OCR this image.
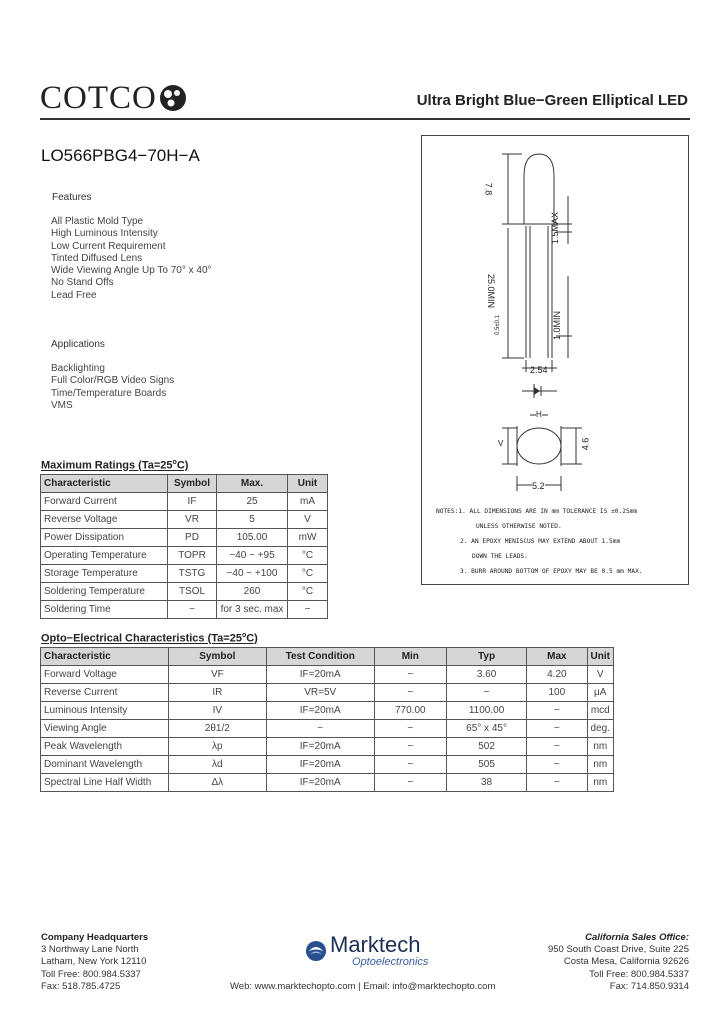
COTCO	Ultra Bright Blue−Green Elliptical LED
LO566PBG4−70H−A
Features
All Plastic Mold Type
High Luminous Intensity
Low Current Requirement
Tinted Diffused Lens
Wide Viewing Angle Up To 70° x 40°
No Stand Offs
Lead Free
Applications
Backlighting
Full Color/RGB Video Signs
Time/Temperature Boards
VMS
7.8
1.5MAX
25.0MIN
0.5±0.1	1.0MIN
2.54
H
V	4.6
5.2
NOTES:1. ALL DIMENSIONS ARE IN mm TOLERANCE IS ±0.25mm
UNLESS OTHERWISE NOTED.
2. AN EPOXY MENISCUS MAY EXTEND ABOUT 1.5mm
DOWN THE LEADS.
3. BURR AROUND BOTTOM OF EPOXY MAY BE 0.5 mm MAX.
Maximum Ratings $(Ta=25^oC)$
Characteristic	Symbol	Max.	Unit
Forward Current	IF	25	mA
Reverse Voltage	VR	5	V
Power Dissipation	PD	105.00	mW
Operating Temperature	TOPR	−40 ~ +95	°C
Storage Temperature	TSTG	−40 ~ +100	°C
Soldering Temperature	TSOL	260	°C
Soldering Time	−	for 3 sec. max	−
Opto−Electrical Characteristics $(Ta=25^oC)$
Characteristic	Symbol	Test Condition	Min	Typ	Max	Unit
Forward Voltage	VF	IF=20mA	−	3.60	4.20	V
Reverse Current	IR	VR=5V	−	−	100	μA
Luminous Intensity	IV	IF=20mA	770.00	1100.00	−	mcd
Viewing Angle	2θ1/2	−	−	65° x 45°	−	deg.
Peak Wavelength	λp	IF=20mA	−	502	−	nm
Dominant Wavelength	λd	IF=20mA	−	505	−	nm
Spectral Line Half Width	Δλ	IF=20mA	−	38	−	nm
Company Headquarters
3 Northway Lane North
Latham, New York 12110
Toll Free: 800.984.5337
Fax: 518.785.4725
Marktech
Optoelectronics
California Sales Office:
950 South Coast Drive, Suite 225
Costa Mesa, California 92626
Toll Free: 800.984.5337
Fax: 714.850.9314
Web: www.marktechopto.com | Email: info@marktechopto.com
